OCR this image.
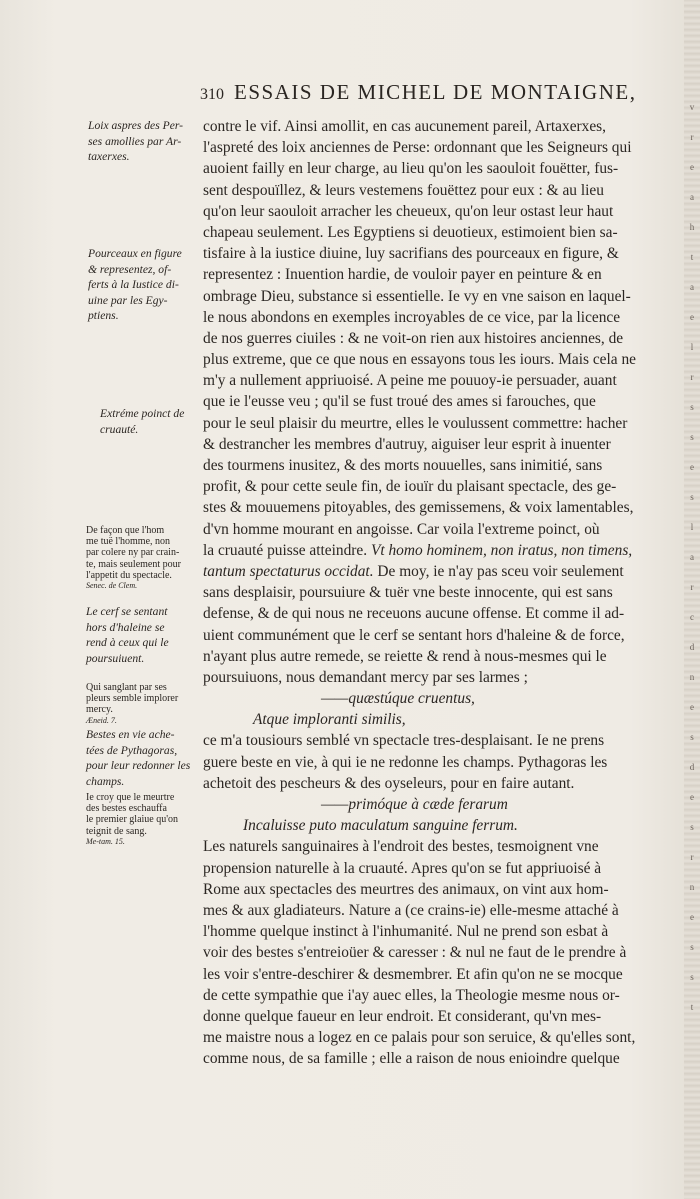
v
r
e
a
h
t
a
e
l
r
s
s
e
s
l
a
r
c
d
n
e
s
d
e
s
r
n
e
s
s
t
310 ESSAIS DE MICHEL DE MONTAIGNE,
contre le vif. Ainsi amollit, en cas aucunement pareil, Artaxerxes,
l'aspreté des loix anciennes de Perse: ordonnant que les Seigneurs qui
auoient failly en leur charge, au lieu qu'on les saouloit fouëtter, fus-
sent despouïllez, & leurs vestemens fouëttez pour eux : & au lieu
qu'on leur saouloit arracher les cheueux, qu'on leur ostast leur haut
chapeau seulement. Les Egyptiens si deuotieux, estimoient bien sa-
tisfaire à la iustice diuine, luy sacrifians des pourceaux en figure, &
representez : Inuention hardie, de vouloir payer en peinture & en
ombrage Dieu, substance si essentielle. Ie vy en vne saison en laquel-
le nous abondons en exemples incroyables de ce vice, par la licence
de nos guerres ciuiles : & ne voit-on rien aux histoires anciennes, de
plus extreme, que ce que nous en essayons tous les iours. Mais cela ne
m'y a nullement appriuoisé. A peine me pouuoy-ie persuader, auant
que ie l'eusse veu ; qu'il se fust troué des ames si farouches, que
pour le seul plaisir du meurtre, elles le voulussent commettre: hacher
& destrancher les membres d'autruy, aiguiser leur esprit à inuenter
des tourmens inusitez, & des morts nouuelles, sans inimitié, sans
profit, & pour cette seule fin, de iouïr du plaisant spectacle, des ge-
stes & mouuemens pitoyables, des gemissemens, & voix lamentables,
d'vn homme mourant en angoisse. Car voila l'extreme poinct, où
la cruauté puisse atteindre. Vt homo hominem, non iratus, non timens,
tantum spectaturus occidat. De moy, ie n'ay pas sceu voir seulement
sans desplaisir, poursuiure & tuër vne beste innocente, qui est sans
defense, & de qui nous ne receuons aucune offense. Et comme il ad-
uient communément que le cerf se sentant hors d'haleine & de force,
n'ayant plus autre remede, se reiette & rend à nous-mesmes qui le
poursuiuons, nous demandant mercy par ses larmes ;
——quæstúque cruentus,
Atque imploranti similis,
ce m'a tousiours semblé vn spectacle tres-desplaisant. Ie ne prens
guere beste en vie, à qui ie ne redonne les champs. Pythagoras les
achetoit des pescheurs & des oyseleurs, pour en faire autant.
——primóque à cæde ferarum
Incaluisse puto maculatum sanguine ferrum.
Les naturels sanguinaires à l'endroit des bestes, tesmoignent vne
propension naturelle à la cruauté. Apres qu'on se fut appriuoisé à
Rome aux spectacles des meurtres des animaux, on vint aux hom-
mes & aux gladiateurs. Nature a (ce crains-ie) elle-mesme attaché à
l'homme quelque instinct à l'inhumanité. Nul ne prend son esbat à
voir des bestes s'entreioüer & caresser : & nul ne faut de le prendre à
les voir s'entre-deschirer & desmembrer. Et afin qu'on ne se mocque
de cette sympathie que i'ay auec elles, la Theologie mesme nous or-
donne quelque faueur en leur endroit. Et considerant, qu'vn mes-
me maistre nous a logez en ce palais pour son seruice, & qu'elles sont,
comme nous, de sa famille ; elle a raison de nous enioindre quelque
Loix aspres des Per-
ses amollies par Ar-
taxerxes.
Pourceaux en figure
& representez, of-
ferts à la Iustice di-
uine par les Egy-
ptiens.
Extréme poinct de
cruauté.
De façon que l'hom
me tuë l'homme, non
par colere ny par crain-
te, mais seulement pour
l'appetit du spectacle.
Senec. de Clem.
Le cerf se sentant
hors d'haleine se
rend à ceux qui le
poursuiuent.
Qui sanglant par ses
pleurs semble implorer
mercy.
Æneid. 7.
Bestes en vie ache-
tées de Pythagoras,
pour leur redonner les
champs.
Ie croy que le meurtre
des bestes eschauffa
le premier glaiue qu'on
teignit de sang.
Me-tam. 15.
